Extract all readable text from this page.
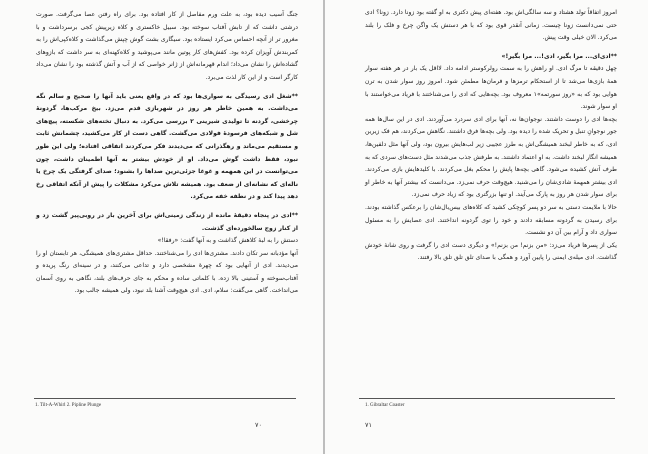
جنگ آسیب دیده بود، به علت ورم مفاصل از کار افتاده بود. برای راه رفتن عصا می‌گرفت. صورت درشتی داشت که از تابش آفتاب سوخته بود. سبیل خاکستری و کلاه زیرپیش کجی برسرداشت و با مغرور تر از آنچه احساس می‌کرد ایستاده بود. سیگاری بشت گوش چپش می‌گذاشت و کلاه‌کپی‌اش را به کمربندش آویزان کرده بود. کفش‌های کار پوتین‌ مانند می‌پوشید و کلاه‌کهنه‌ای به سر داشت که بازوهای گشاده‌اش را نشان می‌داد؛ اندام قهرمانه‌اش از ژانر خواصی که از آب و آتش گذشته بود را نشان می‌داد کارگر است و از این کار لذت می‌برد.

**شغل ادی رسیدگی به سواری‌ها بود که در واقع یعنی باید آنها را صحیح و سالم نگه می‌داشت. به همین خاطر هر روز در شهربازی قدم می‌زد. بیخ مرکب‌ها، گردونهٔ چرخشی، گردنه تا تولیدی شیرینی ۲ بررسی می‌کرد. به دنبال تخته‌های شکسته، پیچ‌های شل و شبکه‌های فرسودهٔ فولادی می‌گشت. گاهی دست از کار می‌کشید، چشمانش ثابت و مستقیم می‌ماند و رهگذرانی که می‌دیدند فکر می‌کردند اتفاقی افتاده؛ ولی این طور نبود، فقط داشت گوش می‌داد. او از خودش بیشتر به آنها اطمینان داشت، چون می‌توانست در این همهمه و غوغا جزئی‌ترین صداها را بشنود؛ صدای گرفتگی یک چرخ یا ناله‌ای که نشانه‌ای از ضعف بود. همیشه تلاش می‌کرد مشکلات را پیش از آنکه اتفاقی رخ دهد پیدا کند و در نطفه خفه می‌کرد.

**ادی در پنجاه دقیقهٔ مانده از زندگی زمینی‌اش برای آخرین بار در روبی‌پیر گشت زد و از کنار زوج سالخورده‌ای گذشت.

دستش را به لبهٔ کلاهش گذاشت و به آنها گفت: «رفقا!»

آنها مؤدبانه سر تکان دادند. مشتری‌ها ادی را می‌شناختند. حداقل مشتری‌های همیشگی، هر تابستان او را می‌دیدند. ادی از آنهایی بود که چهرهٔ مشخصی دارد و تداعی می‌کنند، و در سینه‌ای رنگ پریده و آفتاب‌سوخته و آستینی بالا زده. با کلماتی ساده و محکم به جای حرف‌های بلند، نگاهی به روی آسمان می‌انداخت. گاهی می‌گفت: سلام، ادی. ادی هیچ‌وقت آشنا بلد نبود، ولی همیشه جالب بود.

1. Tilt-A-Whirl 2. Pipline Plunge
۷۰

امروز اتفاقاً تولد هشتاد و سه سالگی‌اش بود. هفته‌ای پیش دکتری به او گفته بود زونا دارد. زونا؟ ادی حتی نمی‌دانست زونا چیست. زمانی آنقدر قوی بود که با هر دستش یک واگن چرخ و فلک را بلند می‌کرد. الان خیلی وقت پیش.

**ادی‌ای... مرا بگیر، ادی!... مرا بگیر!»

چهل دقیقه تا مرگ ادی. او راهش را به سمت رولرکوستر ادامه داد. لااقل یک بار در هر هفته سوار همهٔ بازی‌ها می‌شد تا از استحکام ترمزها و فرمان‌ها مطمئن شود. امروز روز سوار شدن به ترن هوایی بود که به «روز سورتمه»۱ معروف بود. بچه‌هایی که ادی را می‌شناختند با فریاد می‌خواستند با او سوار شوند.

بچه‌ها ادی را دوست داشتند. نوجوان‌ها نه، آنها برای ادی سردرد می‌آوردند. ادی در این سال‌ها همه جور نوجوانِ تنبل و تحریک شده را دیده بود. ولی بچه‌ها فرق داشتند. نگاهش می‌کردند، هم فک زیرین ادی، که به خاطر لبخند همیشگی‌اش به طرز عجیبی زیر لب‌هایش بیرون بود، ولی آنها مثل دلفین‌ها، همیشه انگار لبخند داشت. به او اعتماد داشتند. به طرفش جذب می‌شدند مثل دست‌های سردی که به طرف آتش کشیده می‌شود. گاهی بچه‌ها پایش را محکم بغل می‌کردند. با کلیدهایش بازی می‌کردند. ادی بیشتر همهمهٔ شادی‌شان را می‌شنید. هیچ‌وقت حرف نمی‌زد. می‌دانست که بیشتر آنها به خاطر او برای سوار شدن هر روز به پارک می‌آیند. او تنها بزرگتری بود که زیاد حرف نمی‌زد.

حالا با ملایمت دستی به سر دو پسر کوچکی کشید که کلاه‌های بیس‌بال‌شان را برعکس گذاشته بودند. برای رسیدن به گردونه مسابقه دادند و خود را توی گردونه انداختند. ادی عصایش را به مسئول سواری داد و آرام بین آن دو نشست.

یکی از پسرها فریاد می‌زد: «من بزنم! من بزنم!» و دیگری دست ادی را گرفت و روی شانهٔ خودش گذاشت. ادی میله‌ی ایمنی را پایین آورد و همگی با صدای تلق تلق تلق بالا رفتند.

1. Gibraltar Coaster
۷۱
